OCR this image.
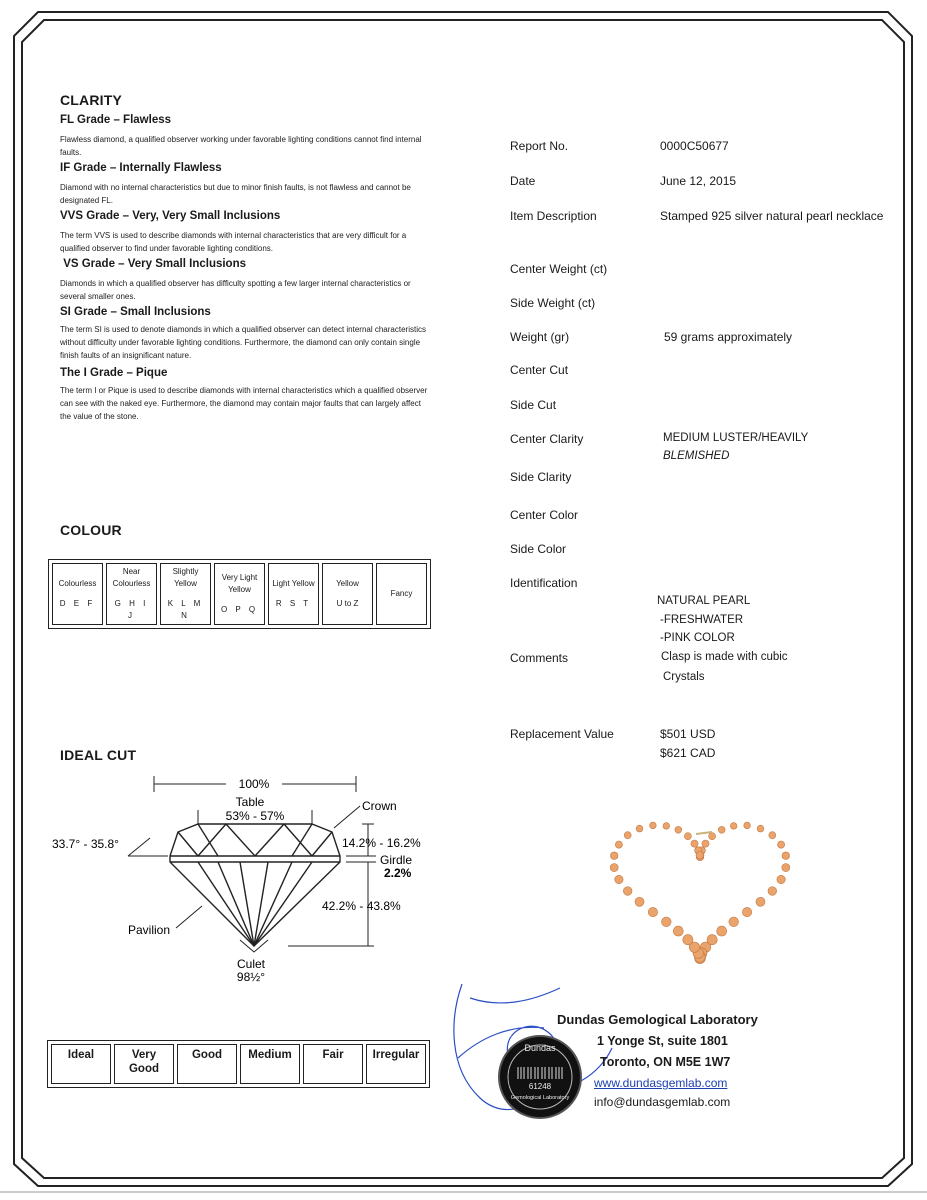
CLARITY
FL Grade – Flawless
Flawless diamond, a qualified observer working under favorable lighting conditions cannot find internal faults.
IF Grade – Internally Flawless
Diamond with no internal characteristics but due to minor finish faults, is not flawless and cannot be designated FL.
VVS Grade – Very, Very Small Inclusions
The term VVS is used to describe diamonds with internal characteristics that are very difficult for a qualified observer to find under favorable lighting conditions.
VS Grade – Very Small Inclusions
Diamonds in which a qualified observer has difficulty spotting a few larger internal characteristics or several smaller ones.
SI Grade – Small Inclusions
The term SI is used to denote diamonds in which a qualified observer can detect internal characteristics without difficulty under favorable lighting conditions. Furthermore, the diamond can only contain single finish faults of an insignificant nature.
The I Grade – Pique
The term I or Pique is used to describe diamonds with internal characteristics which a qualified observer can see with the naked eye. Furthermore, the diamond may contain major faults that can largely affect the value of the stone.
COLOUR
Colourless
D E F
	Near Colourless
G H I J
	Slightly Yellow
K L M N
	Very Light Yellow
O P Q
	Light Yellow
R S T
	Yellow
U to Z
	Fancy
IDEAL CUT
100%
Table
53% - 57%
Crown
33.7° - 35.8°	14.2% - 16.2%
Girdle
2.2%
42.2% - 43.8%
Pavilion
Culet
98½°
Ideal	Very Good	Good	Medium	Fair	Irregular
Report No.	0000C50677
Date	June 12, 2015
Item Description	Stamped 925 silver natural pearl necklace
Center Weight (ct)
Side Weight (ct)
Weight (gr)	59 grams approximately
Center Cut
Side Cut
Center Clarity	MEDIUM LUSTER/HEAVILY
BLEMISHED
Side Clarity
Center Color
Side Color
Identification
NATURAL PEARL
-FRESHWATER
-PINK COLOR
Comments	Clasp is made with cubic
Crystals
Replacement Value	$501 USD
$621 CAD
Dundas
61248
Gemological Laboratory
Dundas Gemological Laboratory
1 Yonge St, suite 1801
Toronto, ON M5E 1W7
www.dundasgemlab.com
info@dundasgemlab.com
